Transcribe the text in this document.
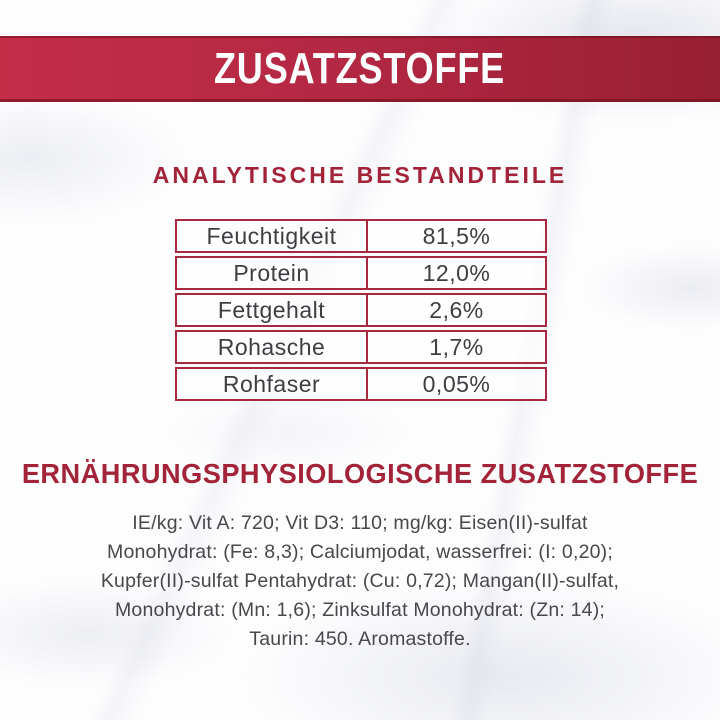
ZUSATZSTOFFE
ANALYTISCHE BESTANDTEILE
Feuchtigkeit	81,5%
Protein	12,0%
Fettgehalt	2,6%
Rohasche	1,7%
Rohfaser	0,05%
ERNÄHRUNGSPHYSIOLOGISCHE ZUSATZSTOFFE
IE/kg: Vit A: 720; Vit D3: 110; mg/kg: Eisen(II)-sulfat
Monohydrat: (Fe: 8,3); Calciumjodat, wasserfrei: (I: 0,20);
Kupfer(II)-sulfat Pentahydrat: (Cu: 0,72); Mangan(II)-sulfat,
Monohydrat: (Mn: 1,6); Zinksulfat Monohydrat: (Zn: 14);
Taurin: 450. Aromastoffe.
